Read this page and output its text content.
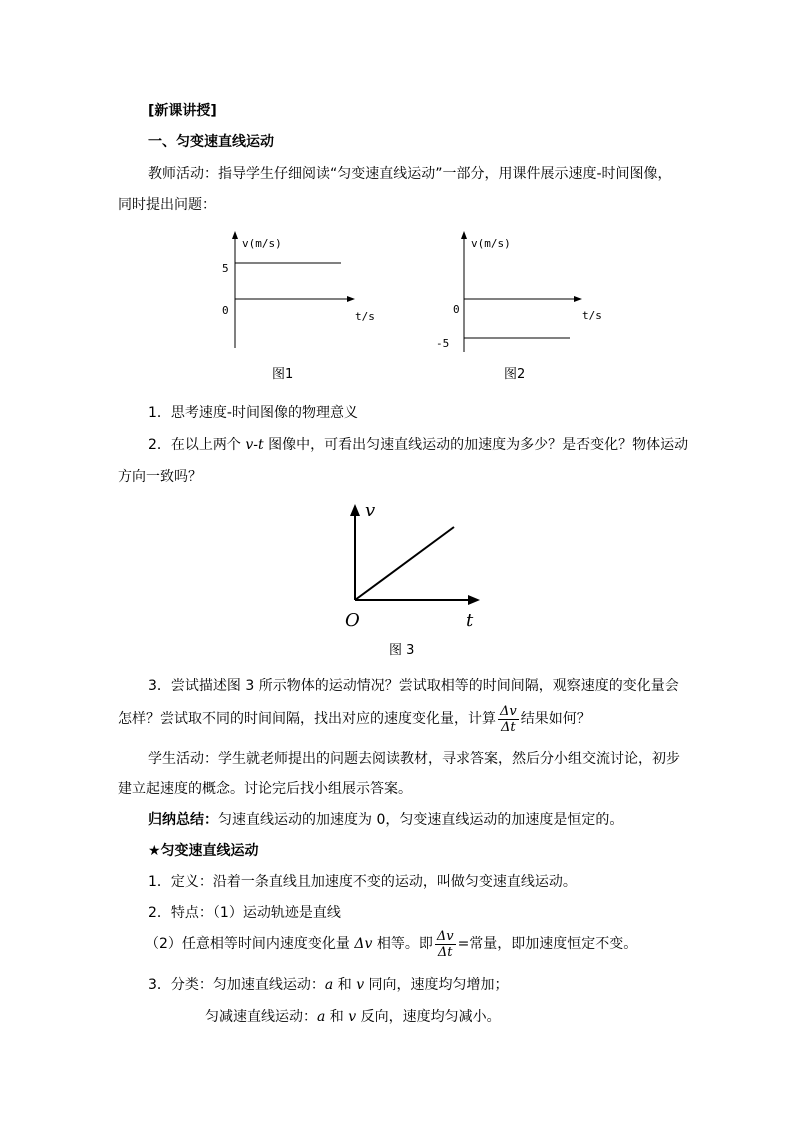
[新课讲授]
一、匀变速直线运动
教师活动：指导学生仔细阅读“匀变速直线运动”一部分，用课件展示速度-时间图像，
同时提出问题：
v(m/s)
5
0	t/s
图1
v(m/s)
0
-5
t/s
图2
1．思考速度-时间图像的物理意义
2．在以上两个 v-t 图像中，可看出匀速直线运动的加速度为多少？是否变化？物体运动
方向一致吗？
v
O	t
图 3
3．尝试描述图 3 所示物体的运动情况？尝试取相等的时间间隔，观察速度的变化量会
怎样？尝试取不同的时间间隔，找出对应的速度变化量，计算 $\frac{\Delta v}{\Delta t}$ 结果如何？
学生活动：学生就老师提出的问题去阅读教材，寻求答案，然后分小组交流讨论，初步
建立起速度的概念。讨论完后找小组展示答案。
归纳总结：匀速直线运动的加速度为 0，匀变速直线运动的加速度是恒定的。
★匀变速直线运动
1．定义：沿着一条直线且加速度不变的运动，叫做匀变速直线运动。
2．特点：（1）运动轨迹是直线
（2）任意相等时间内速度变化量 Δv 相等。即 $\frac{\Delta v}{\Delta t}$ =常量，即加速度恒定不变。
3．分类：匀加速直线运动：a 和 v 同向，速度均匀增加；
匀减速直线运动：a 和 v 反向，速度均匀减小。
